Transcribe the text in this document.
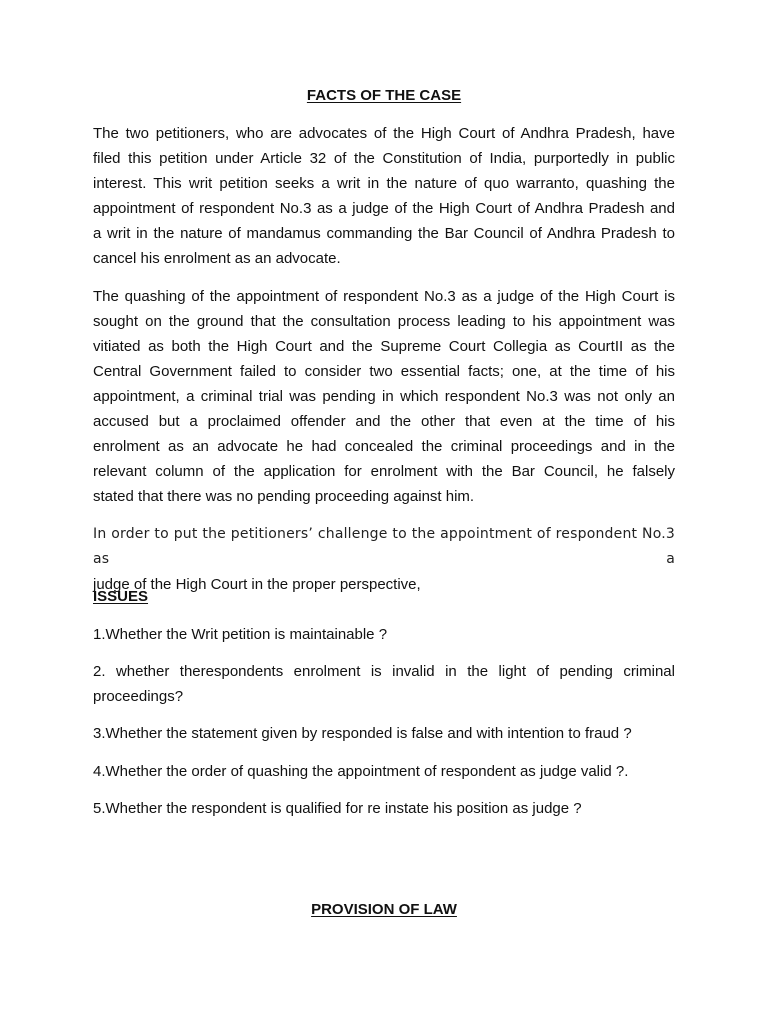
FACTS OF THE CASE
The two petitioners, who are advocates of the High Court of Andhra Pradesh, have
filed this petition under Article 32 of the Constitution of India, purportedly in public
interest. This writ petition seeks a writ in the nature of quo warranto, quashing the
appointment of respondent No.3 as a judge of the High Court of Andhra Pradesh and
a writ in the nature of mandamus commanding the Bar Council of Andhra Pradesh to
cancel his enrolment as an advocate.
The quashing of the appointment of respondent No.3 as a judge of the High Court is
sought on the ground that the consultation process leading to his appointment was
vitiated as both the High Court and the Supreme Court Collegia as CourtII as the
Central Government failed to consider two essential facts; one, at the time of his
appointment, a criminal trial was pending in which respondent No.3 was not only an
accused but a proclaimed offender and the other that even at the time of his
enrolment as an advocate he had concealed the criminal proceedings and in the
relevant column of the application for enrolment with the Bar Council, he falsely
stated that there was no pending proceeding against him.
In order to put the petitioners’ challenge to the appointment of respondent No.3 as a
judge of the High Court in the proper perspective,
ISSUES
1.Whether the Writ petition is maintainable ?
2. whether therespondents enrolment is invalid in the light of pending criminal
proceedings?
3.Whether the statement given by responded is false and with intention to fraud ?
4.Whether the order of quashing the appointment of respondent as judge valid ?.
5.Whether the respondent is qualified for re instate his position as judge ?
PROVISION OF LAW
